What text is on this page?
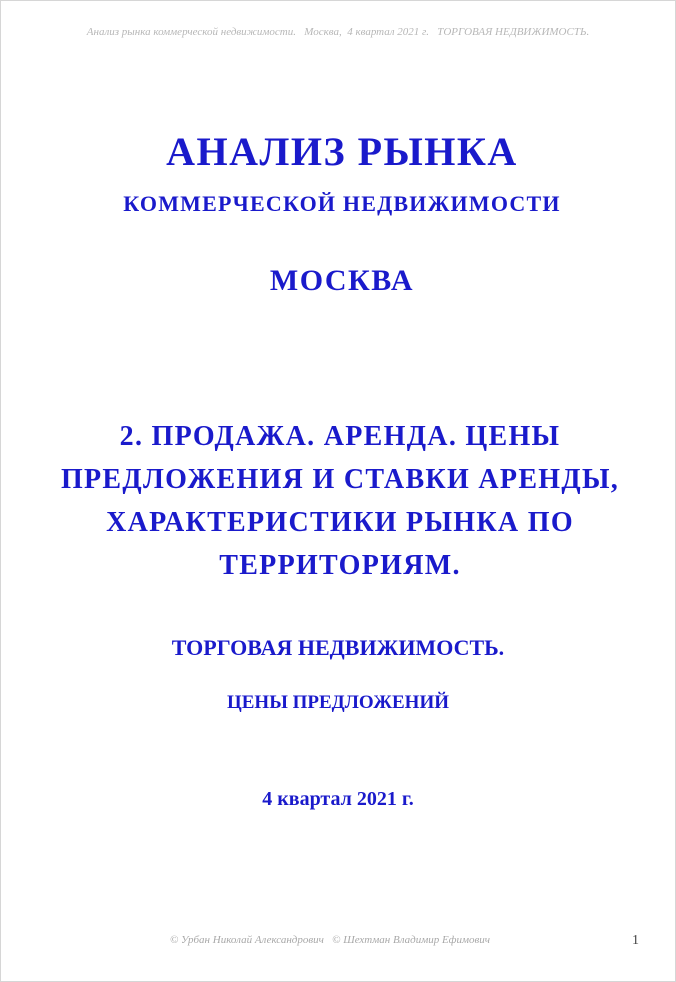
Анализ рынка коммерческой недвижимости.   Москва,  4 квартал 2021 г.   ТОРГОВАЯ НЕДВИЖИМОСТЬ.
АНАЛИЗ РЫНКА
КОММЕРЧЕСКОЙ НЕДВИЖИМОСТИ
МОСКВА
2. ПРОДАЖА. АРЕНДА. ЦЕНЫ
ПРЕДЛОЖЕНИЯ И СТАВКИ АРЕНДЫ,
ХАРАКТЕРИСТИКИ РЫНКА ПО
ТЕРРИТОРИЯМ.
ТОРГОВАЯ НЕДВИЖИМОСТЬ.
ЦЕНЫ ПРЕДЛОЖЕНИЙ
4 квартал 2021 г.
© Урбан Николай Александрович   © Шехтман Владимир Ефимович	1
